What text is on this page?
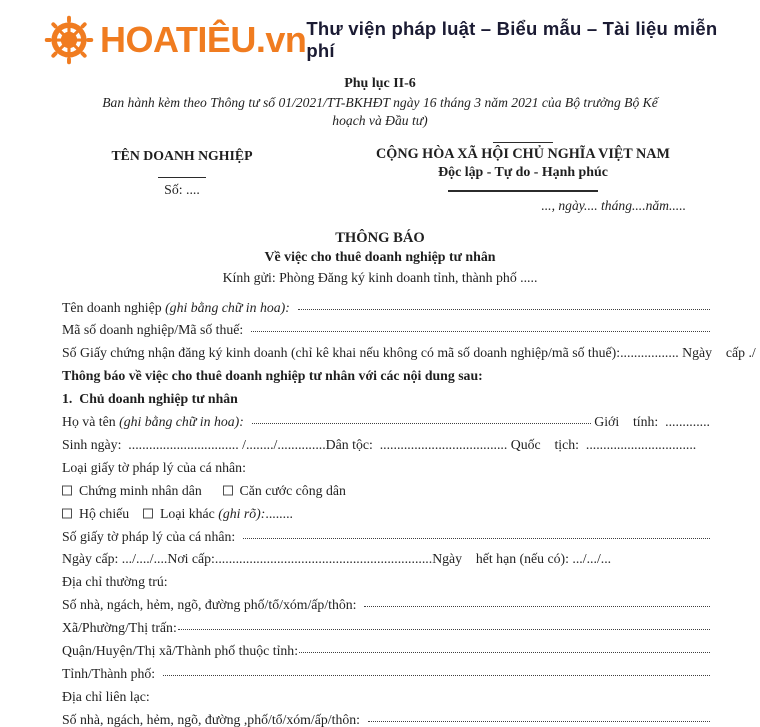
HOATIÊU.vn Thư viện pháp luật – Biểu mẫu – Tài liệu miễn phí
Phụ lục II-6
Ban hành kèm theo Thông tư số 01/2021/TT-BKHĐT ngày 16 tháng 3 năm 2021 của Bộ trưởng Bộ Kế
hoạch và Đầu tư)
TÊN DOANH NGHIỆP
Số: ....
CỘNG HÒA XÃ HỘI CHỦ NGHĨA VIỆT NAM
Độc lập - Tự do - Hạnh phúc
..., ngày.... tháng....năm.....
THÔNG BÁO
Về việc cho thuê doanh nghiệp tư nhân
Kính gửi: Phòng Đăng ký kinh doanh tỉnh, thành phố .....
Tên doanh nghiệp (ghi bằng chữ in hoa):

Mã số doanh nghiệp/Mã số thuế:
Số Giấy chứng nhận đăng ký kinh doanh (chỉ kê khai nếu không có mã số doanh nghiệp/mã số thuế):................. Ngày    cấp ./
Thông báo về việc cho thuê doanh nghiệp tư nhân với các nội dung sau:
1.  Chủ doanh nghiệp tư nhân
Họ và tên (ghi bằng chữ in hoa):
	Giới    tính:  .............
Sinh ngày:  ................................ /......../..............Dân tộc:  ..................................... Quốc    tịch:  ................................
Loại giấy tờ pháp lý của cá nhân:
Chứng minh nhân dân
	Căn cước công dân
Hộ chiếu
Loại khác (ghi rõ): ........
Số giấy tờ pháp lý của cá nhân:
Ngày cấp: .../..../....Nơi cấp:...............................................................Ngày    hết hạn (nếu có): .../.../...
Địa chỉ thường trú:
Số nhà, ngách, hẻm, ngõ, đường phố/tổ/xóm/ấp/thôn:
Xã/Phường/Thị trấn:
Quận/Huyện/Thị xã/Thành phố thuộc tỉnh:
Tỉnh/Thành phố:
Địa chỉ liên lạc:
Số nhà, ngách, hẻm, ngõ, đường ,phố/tổ/xóm/ấp/thôn:
